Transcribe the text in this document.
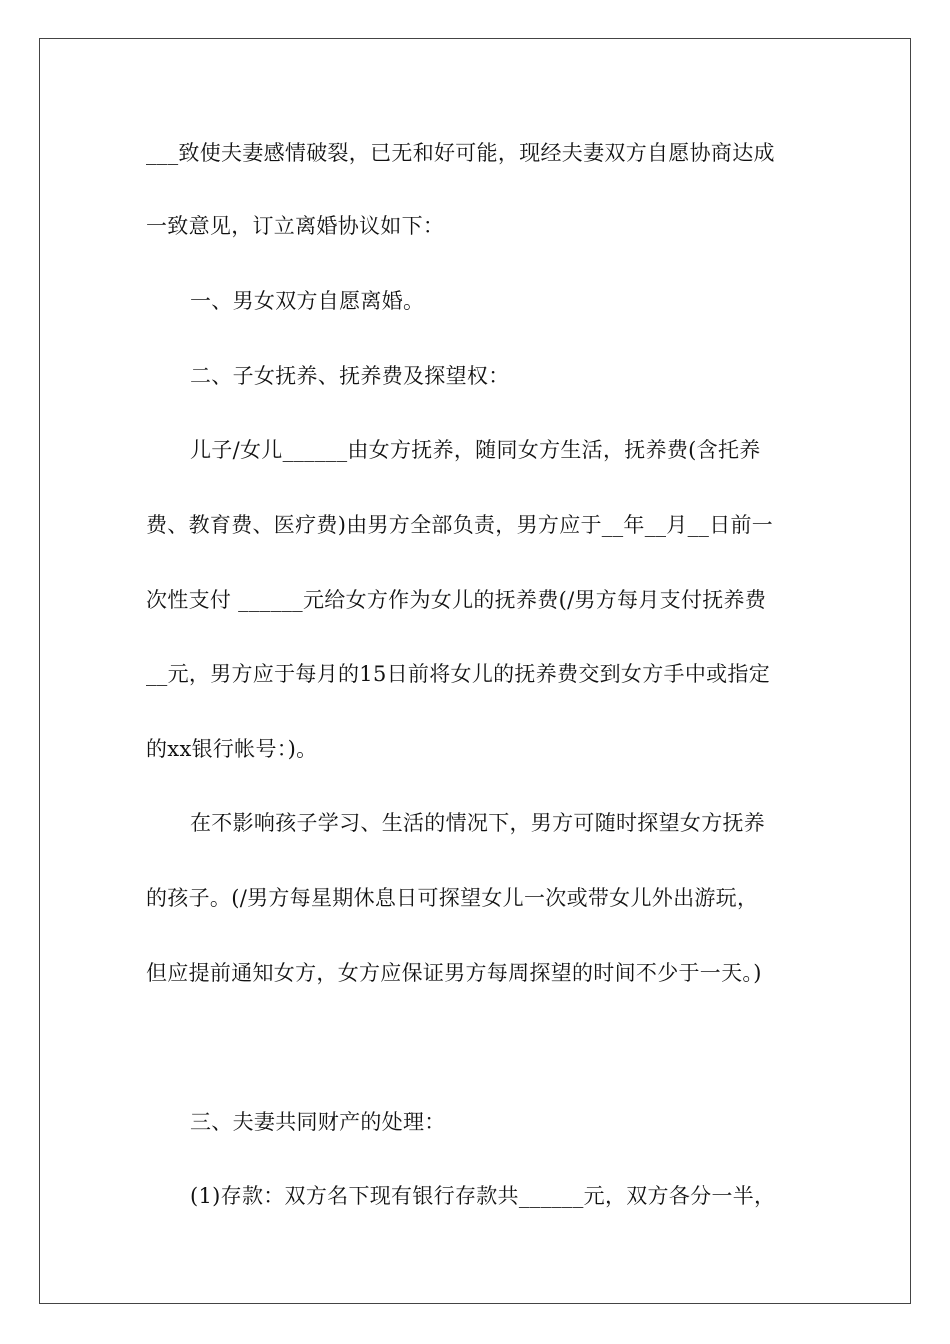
___致使夫妻感情破裂，已无和好可能，现经夫妻双方自愿协商达成
一致意见，订立离婚协议如下：
一、男女双方自愿离婚。
二、子女抚养、抚养费及探望权：
儿子/女儿______由女方抚养，随同女方生活，抚养费(含托养
费、教育费、医疗费)由男方全部负责，男方应于__年__月__日前一
次性支付 ______元给女方作为女儿的抚养费(/男方每月支付抚养费
__元，男方应于每月的15日前将女儿的抚养费交到女方手中或指定
的xx银行帐号：)。
在不影响孩子学习、生活的情况下，男方可随时探望女方抚养
的孩子。(/男方每星期休息日可探望女儿一次或带女儿外出游玩，
但应提前通知女方，女方应保证男方每周探望的时间不少于一天。)
三、夫妻共同财产的处理：
(1)存款：双方名下现有银行存款共______元，双方各分一半，
